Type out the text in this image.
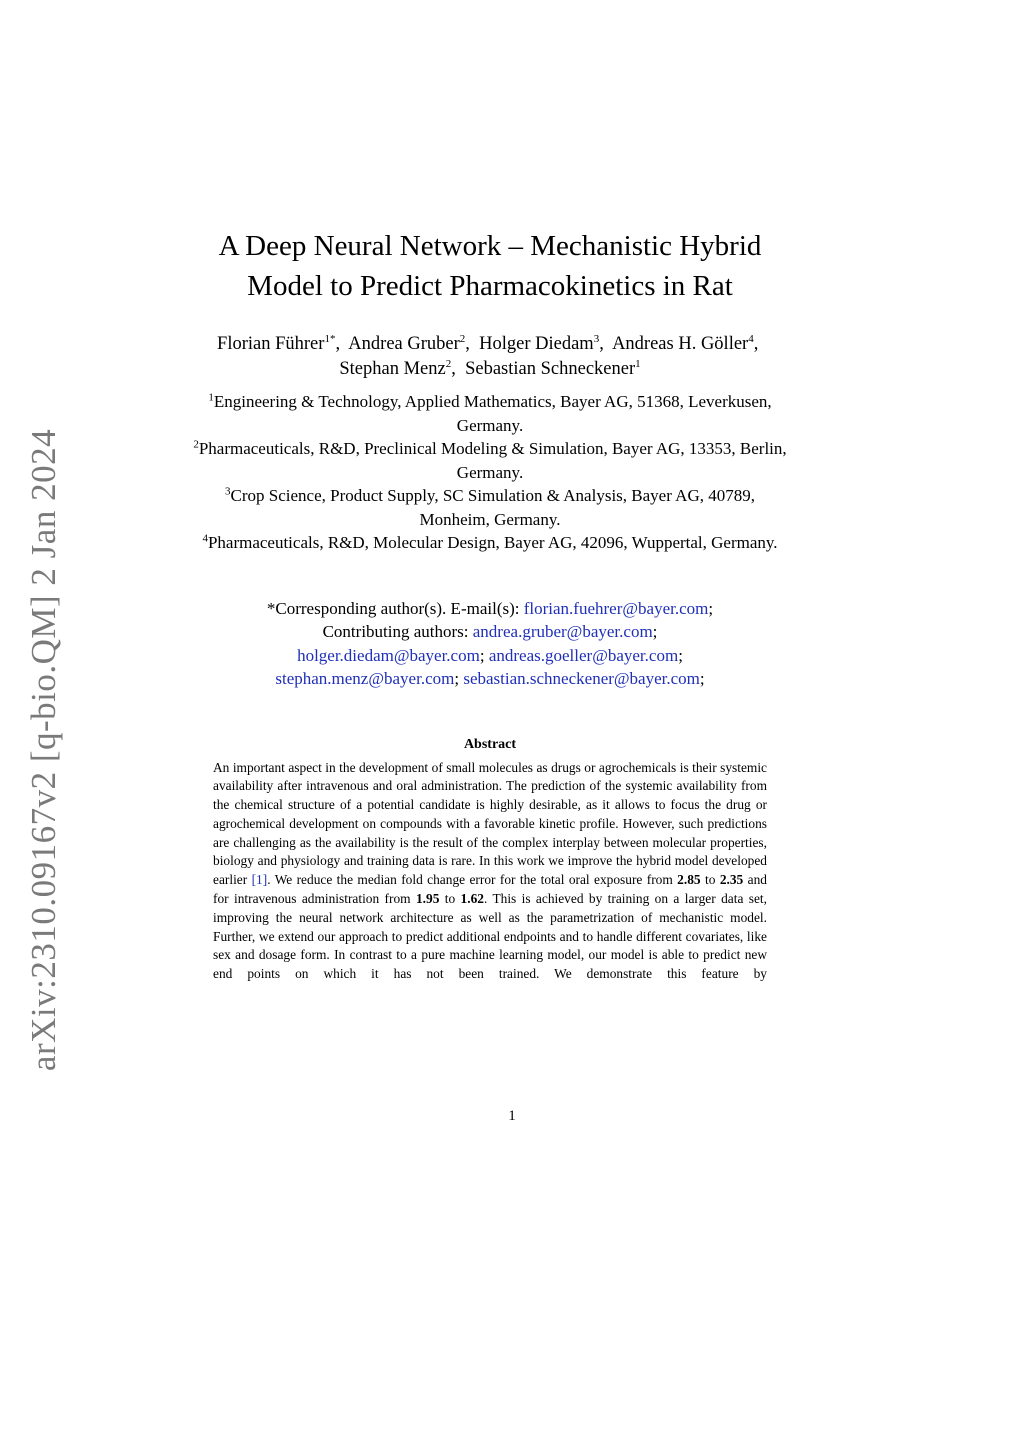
arXiv:2310.09167v2 [q-bio.QM] 2 Jan 2024
A Deep Neural Network – Mechanistic Hybrid
Model to Predict Pharmacokinetics in Rat
Florian Führer$^{1*}$,  Andrea Gruber$^2$,  Holger Diedam$^3$,  Andreas H. Göller$^4$,  Stephan Menz$^2$,  Sebastian Schneckener$^1$

$^1$Engineering & Technology, Applied Mathematics, Bayer AG, 51368, Leverkusen, Germany.

$^2$Pharmaceuticals, R&D, Preclinical Modeling & Simulation, Bayer AG, 13353, Berlin, Germany.

$^3$Crop Science, Product Supply, SC Simulation & Analysis, Bayer AG, 40789, Monheim, Germany.

$^4$Pharmaceuticals, R&D, Molecular Design, Bayer AG, 42096, Wuppertal, Germany.

*Corresponding author(s). E-mail(s): florian.fuehrer@bayer.com;
Contributing authors: andrea.gruber@bayer.com;
holger.diedam@bayer.com; andreas.goeller@bayer.com;
stephan.menz@bayer.com; sebastian.schneckener@bayer.com;
Abstract
An important aspect in the development of small molecules as drugs or agrochemicals is their systemic availability after intravenous and oral administration. The prediction of the systemic availability from the chemical structure of a potential candidate is highly desirable, as it allows to focus the drug or agrochemical development on compounds with a favorable kinetic profile. However, such predictions are challenging as the availability is the result of the complex interplay between molecular properties, biology and physiology and training data is rare. In this work we improve the hybrid model developed earlier [1]. We reduce the median fold change error for the total oral exposure from 2.85 to 2.35 and for intravenous administration from 1.95 to 1.62. This is achieved by training on a larger data set, improving the neural network architecture as well as the parametrization of mechanistic model. Further, we extend our approach to predict additional endpoints and to handle different covariates, like sex and dosage form. In contrast to a pure machine learning model, our model is able to predict new end points on which it has not been trained. We demonstrate this feature by
1
